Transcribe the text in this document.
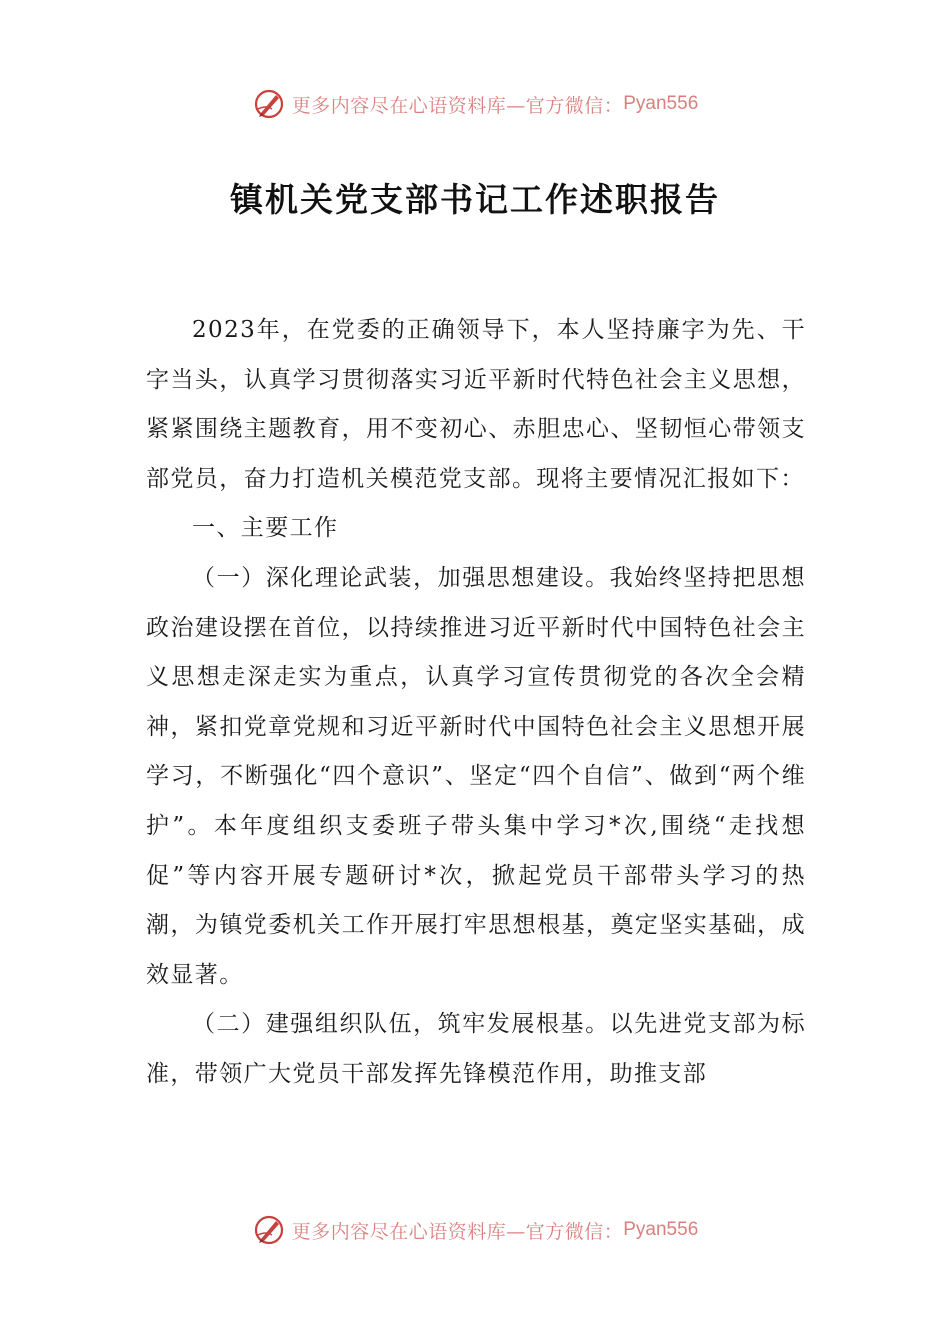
更多内容尽在心语资料库—官方微信： Pyan556
镇机关党支部书记工作述职报告

2023年，在党委的正确领导下，本人坚持廉字为先、干字当头，认真学习贯彻落实习近平新时代特色社会主义思想，紧紧围绕主题教育，用不变初心、赤胆忠心、坚韧恒心带领支部党员，奋力打造机关模范党支部。现将主要情况汇报如下：

一、主要工作

（一）深化理论武装，加强思想建设。我始终坚持把思想政治建设摆在首位，以持续推进习近平新时代中国特色社会主义思想走深走实为重点，认真学习宣传贯彻党的各次全会精神，紧扣党章党规和习近平新时代中国特色社会主义思想开展学习，不断强化“四个意识”、坚定“四个自信”、做到“两个维护”。本年度组织支委班子带头集中学习*次,围绕“走找想促”等内容开展专题研讨*次，掀起党员干部带头学习的热潮，为镇党委机关工作开展打牢思想根基，奠定坚实基础，成效显著。

（二）建强组织队伍，筑牢发展根基。以先进党支部为标准，带领广大党员干部发挥先锋模范作用，助推支部

更多内容尽在心语资料库—官方微信： Pyan556
